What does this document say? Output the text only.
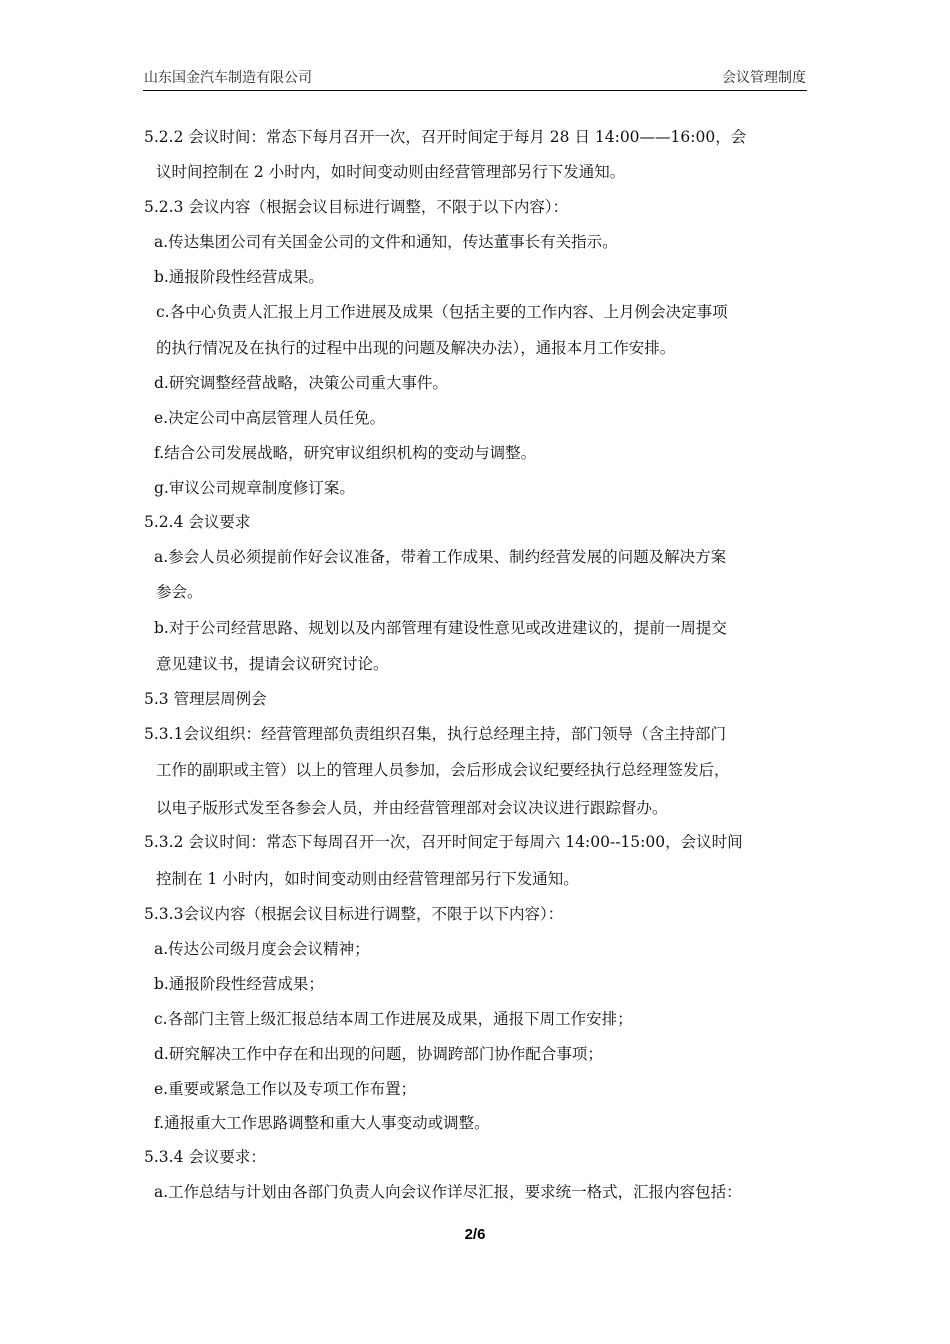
山东国金汽车制造有限公司	会议管理制度
5.2.2 会议时间：常态下每月召开一次，召开时间定于每月 28 日 14:00——16:00，会
议时间控制在 2 小时内，如时间变动则由经营管理部另行下发通知。
5.2.3 会议内容（根据会议目标进行调整，不限于以下内容）：
a.传达集团公司有关国金公司的文件和通知，传达董事长有关指示。
b.通报阶段性经营成果。
c.各中心负责人汇报上月工作进展及成果（包括主要的工作内容、上月例会决定事项
的执行情况及在执行的过程中出现的问题及解决办法），通报本月工作安排。
d.研究调整经营战略，决策公司重大事件。
e.决定公司中高层管理人员任免。
f.结合公司发展战略，研究审议组织机构的变动与调整。
g.审议公司规章制度修订案。
5.2.4 会议要求
a.参会人员必须提前作好会议准备，带着工作成果、制约经营发展的问题及解决方案
参会。
b.对于公司经营思路、规划以及内部管理有建设性意见或改进建议的，提前一周提交
意见建议书，提请会议研究讨论。
5.3 管理层周例会
5.3.1会议组织：经营管理部负责组织召集，执行总经理主持，部门领导（含主持部门
工作的副职或主管）以上的管理人员参加，会后形成会议纪要经执行总经理签发后，
以电子版形式发至各参会人员，并由经营管理部对会议决议进行跟踪督办。
5.3.2 会议时间：常态下每周召开一次，召开时间定于每周六 14:00--15:00，会议时间
控制在 1 小时内，如时间变动则由经营管理部另行下发通知。
5.3.3会议内容（根据会议目标进行调整，不限于以下内容）：
a.传达公司级月度会会议精神；
b.通报阶段性经营成果；
c.各部门主管上级汇报总结本周工作进展及成果，通报下周工作安排；
d.研究解决工作中存在和出现的问题，协调跨部门协作配合事项；
e.重要或紧急工作以及专项工作布置；
f.通报重大工作思路调整和重大人事变动或调整。
5.3.4 会议要求：
a.工作总结与计划由各部门负责人向会议作详尽汇报，要求统一格式，汇报内容包括：
2/6
